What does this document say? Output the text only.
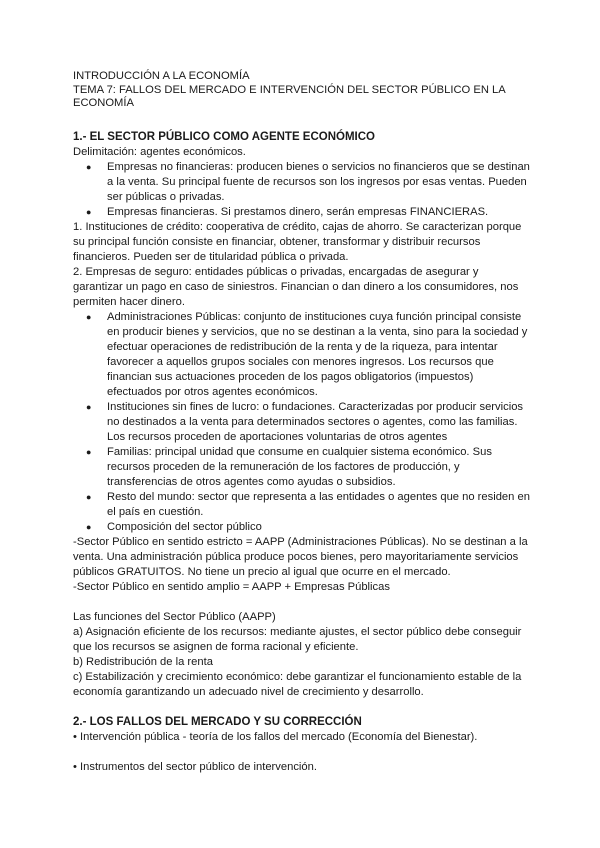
INTRODUCCIÓN A LA ECONOMÍA

TEMA 7: FALLOS DEL MERCADO E INTERVENCIÓN DEL SECTOR PÚBLICO EN LA

ECONOMÍA

1.- EL SECTOR PÚBLICO COMO AGENTE ECONÓMICO

Delimitación: agentes económicos.

● Empresas no financieras: producen bienes o servicios no financieros que se destinan a la venta. Su principal fuente de recursos son los ingresos por esas ventas. Pueden ser públicas o privadas.
● Empresas financieras. Si prestamos dinero, serán empresas FINANCIERAS.

1. Instituciones de crédito: cooperativa de crédito, cajas de ahorro. Se caracterizan porque su principal función consiste en financiar, obtener, transformar y distribuir recursos financieros. Pueden ser de titularidad pública o privada.

2. Empresas de seguro: entidades públicas o privadas, encargadas de asegurar y garantizar un pago en caso de siniestros. Financian o dan dinero a los consumidores, nos permiten hacer dinero.

● Administraciones Públicas: conjunto de instituciones cuya función principal consiste en producir bienes y servicios, que no se destinan a la venta, sino para la sociedad y efectuar operaciones de redistribución de la renta y de la riqueza, para intentar favorecer a aquellos grupos sociales con menores ingresos. Los recursos que financian sus actuaciones proceden de los pagos obligatorios (impuestos) efectuados por otros agentes económicos.
● Instituciones sin fines de lucro: o fundaciones. Caracterizadas por producir servicios no destinados a la venta para determinados sectores o agentes, como las familias. Los recursos proceden de aportaciones voluntarias de otros agentes
● Familias: principal unidad que consume en cualquier sistema económico. Sus recursos proceden de la remuneración de los factores de producción, y transferencias de otros agentes como ayudas o subsidios.
● Resto del mundo: sector que representa a las entidades o agentes que no residen en el país en cuestión.
● Composición del sector público

-Sector Público en sentido estricto = AAPP (Administraciones Públicas). No se destinan a la venta. Una administración pública produce pocos bienes, pero mayoritariamente servicios públicos GRATUITOS. No tiene un precio al igual que ocurre en el mercado.

-Sector Público en sentido amplio = AAPP + Empresas Públicas

Las funciones del Sector Público (AAPP)

a) Asignación eficiente de los recursos: mediante ajustes, el sector público debe conseguir que los recursos se asignen de forma racional y eficiente.

b) Redistribución de la renta

c) Estabilización y crecimiento económico: debe garantizar el funcionamiento estable de la economía garantizando un adecuado nivel de crecimiento y desarrollo.

2.- LOS FALLOS DEL MERCADO Y SU CORRECCIÓN

• Intervención pública - teoría de los fallos del mercado (Economía del Bienestar).

• Instrumentos del sector público de intervención.
